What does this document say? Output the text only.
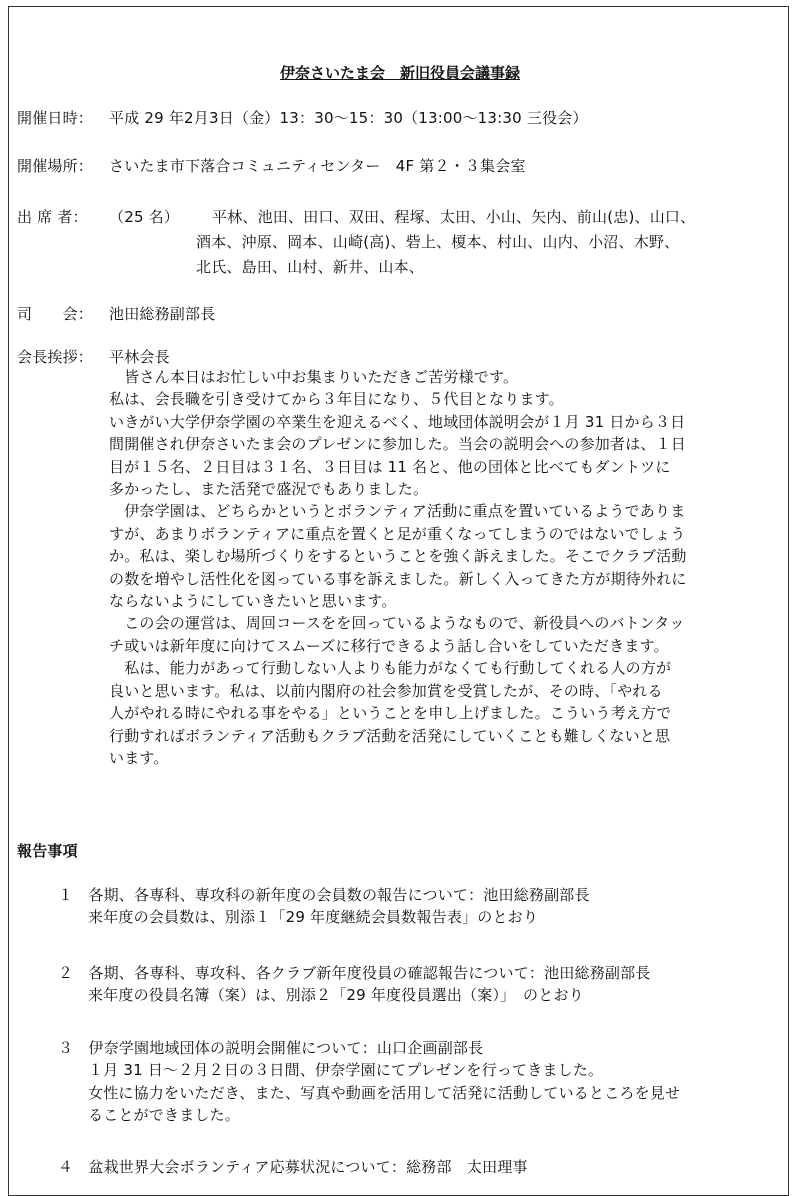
伊奈さいたま会　新旧役員会議事録
開催日時： 平成 29 年2月3日（金）13：30～15：30（13:00～13:30 三役会）
開催場所： さいたま市下落合コミュニティセンター　4F 第２・３集会室
出 席 者： （25 名） 平林、池田、田口、双田、程塚、太田、小山、矢内、前山(忠)、山口、
酒本、沖原、岡本、山崎(高)、砦上、榎本、村山、山内、小沼、木野、
北氏、島田、山村、新井、山本、
司　　会： 池田総務副部長
会長挨拶： 平林会長
　皆さん本日はお忙しい中お集まりいただきご苦労様です。
私は、会長職を引き受けてから３年目になり、５代目となります。
いきがい大学伊奈学園の卒業生を迎えるべく、地域団体説明会が１月 31 日から３日
間開催され伊奈さいたま会のプレゼンに参加した。当会の説明会への参加者は、１日
目が１５名、２日目は３１名、３日目は 11 名と、他の団体と比べてもダントツに
多かったし、また活発で盛況でもありました。
　伊奈学園は、どちらかというとボランティア活動に重点を置いているようでありま
すが、あまりボランティアに重点を置くと足が重くなってしまうのではないでしょう
か。私は、楽しむ場所づくりをするということを強く訴えました。そこでクラブ活動
の数を増やし活性化を図っている事を訴えました。新しく入ってきた方が期待外れに
ならないようにしていきたいと思います。
　この会の運営は、周回コースをを回っているようなもので、新役員へのバトンタッ
チ或いは新年度に向けてスムーズに移行できるよう話し合いをしていただきます。
　私は、能力があって行動しない人よりも能力がなくても行動してくれる人の方が
良いと思います。私は、以前内閣府の社会参加賞を受賞したが、その時、「やれる
人がやれる時にやれる事をやる」ということを申し上げました。こういう考え方で
行動すればボランティア活動もクラブ活動を活発にしていくことも難しくないと思
います。
報告事項
１　 各期、各専科、専攻科の新年度の会員数の報告について：池田総務副部長
来年度の会員数は、別添１「29 年度継続会員数報告表」のとおり
２　 各期、各専科、専攻科、各クラブ新年度役員の確認報告について：池田総務副部長
来年度の役員名簿（案）は、別添２「29 年度役員選出（案）」　のとおり
３　 伊奈学園地域団体の説明会開催について：山口企画副部長
１月 31 日～２月２日の３日間、伊奈学園にてプレゼンを行ってきました。
女性に協力をいただき、また、写真や動画を活用して活発に活動しているところを見せ
ることができました。
４　 盆栽世界大会ボランティア応募状況について：総務部　太田理事
